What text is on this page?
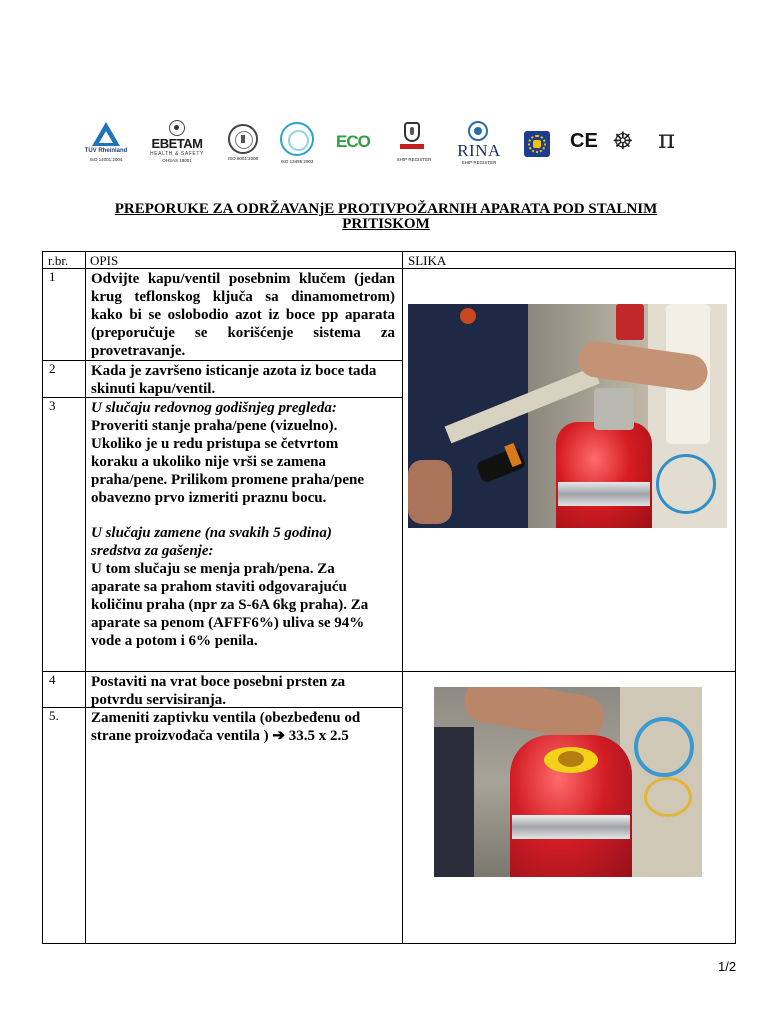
TÜV Rheinland
ISO 14001:2004
EBETAM
HEALTH & SAFETY
OHSAS 18001	ISO 9001:2008
ISO 13485:2003
ECO
SHIP REGISTER RINA
SHIP REGISTER
CE ☸ π
PREPORUKE ZA ODRŽAVANjE PROTIVPOŽARNIH APARATA POD STALNIM PRITISKOM
r.br. OPIS	SLIKA
1 Odvijte kapu/ventil posebnim klučem (jedan krug teflonskog ključa sa dinamometrom) kako bi se oslobodio azot iz boce pp aparata (preporučuje se korišćenje sistema za provetravanje.
2 Kada je završeno isticanje azota iz boce tada skinuti kapu/ventil.
3 U slučaju redovnog godišnjeg pregleda:
Proveriti stanje praha/pene (vizuelno). Ukoliko je u redu pristupa se četvrtom koraku a ukoliko nije vrši se zamena praha/pene. Prilikom promene praha/pene obavezno prvo izmeriti praznu bocu.
U slučaju zamene (na svakih 5 godina) sredstva za gašenje:
U tom slučaju se menja prah/pena. Za aparate sa prahom staviti odgovarajuću količinu praha (npr za S-6A 6kg praha). Za aparate sa penom (AFFF6%) uliva se 94% vode a potom i 6% penila.
4 Postaviti na vrat boce posebni prsten za potvrdu servisiranja.
5. Zameniti zaptivku ventila (obezbeđenu od strane proizvođača ventila ) ➔ 33.5 x 2.5
1/2
